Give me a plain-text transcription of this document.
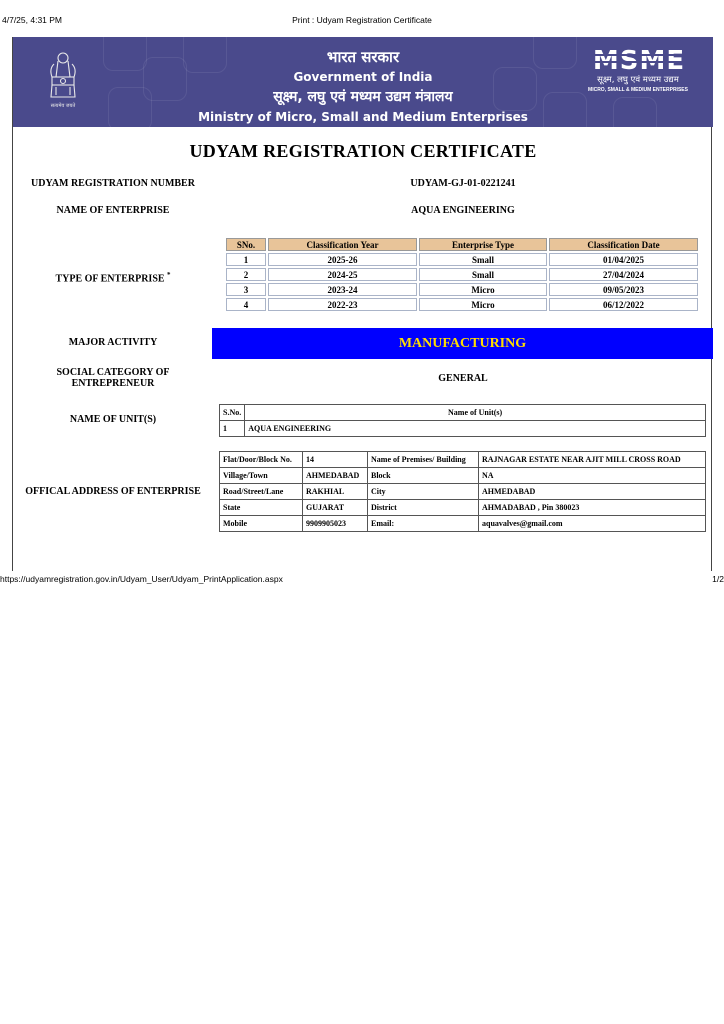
4/7/25, 4:31 PM	Print : Udyam Registration Certificate
सत्यमेव जयते
भारत सरकार
Government of India
सूक्ष्म, लघु एवं मध्यम उद्यम मंत्रालय
Ministry of Micro, Small and Medium Enterprises
MSME
सूक्ष्म, लघु एवं मध्यम उद्यम
MICRO, SMALL & MEDIUM ENTERPRISES
UDYAM REGISTRATION CERTIFICATE
UDYAM REGISTRATION NUMBER	UDYAM-GJ-01-0221241
NAME OF ENTERPRISE	AQUA ENGINEERING
TYPE OF ENTERPRISE *
SNo.	Classification Year	Enterprise Type	Classification Date
1	2025-26	Small	01/04/2025
2	2024-25	Small	27/04/2024
3	2023-24	Micro	09/05/2023
4	2022-23	Micro	06/12/2022
MAJOR ACTIVITY	MANUFACTURING
SOCIAL CATEGORY OF
ENTREPRENEUR	GENERAL
NAME OF UNIT(S)
S.No.	Name of Unit(s)
1	AQUA ENGINEERING
OFFICAL ADDRESS OF ENTERPRISE
Flat/Door/Block No.	14	Name of Premises/ Building	RAJNAGAR ESTATE NEAR AJIT MILL CROSS ROAD
Village/Town	AHMEDABAD	Block	NA
Road/Street/Lane	RAKHIAL	City	AHMEDABAD
State	GUJARAT	District	AHMADABAD , Pin 380023
Mobile	9909905023	Email:	aquavalves@gmail.com
https://udyamregistration.gov.in/Udyam_User/Udyam_PrintApplication.aspx	1/2
